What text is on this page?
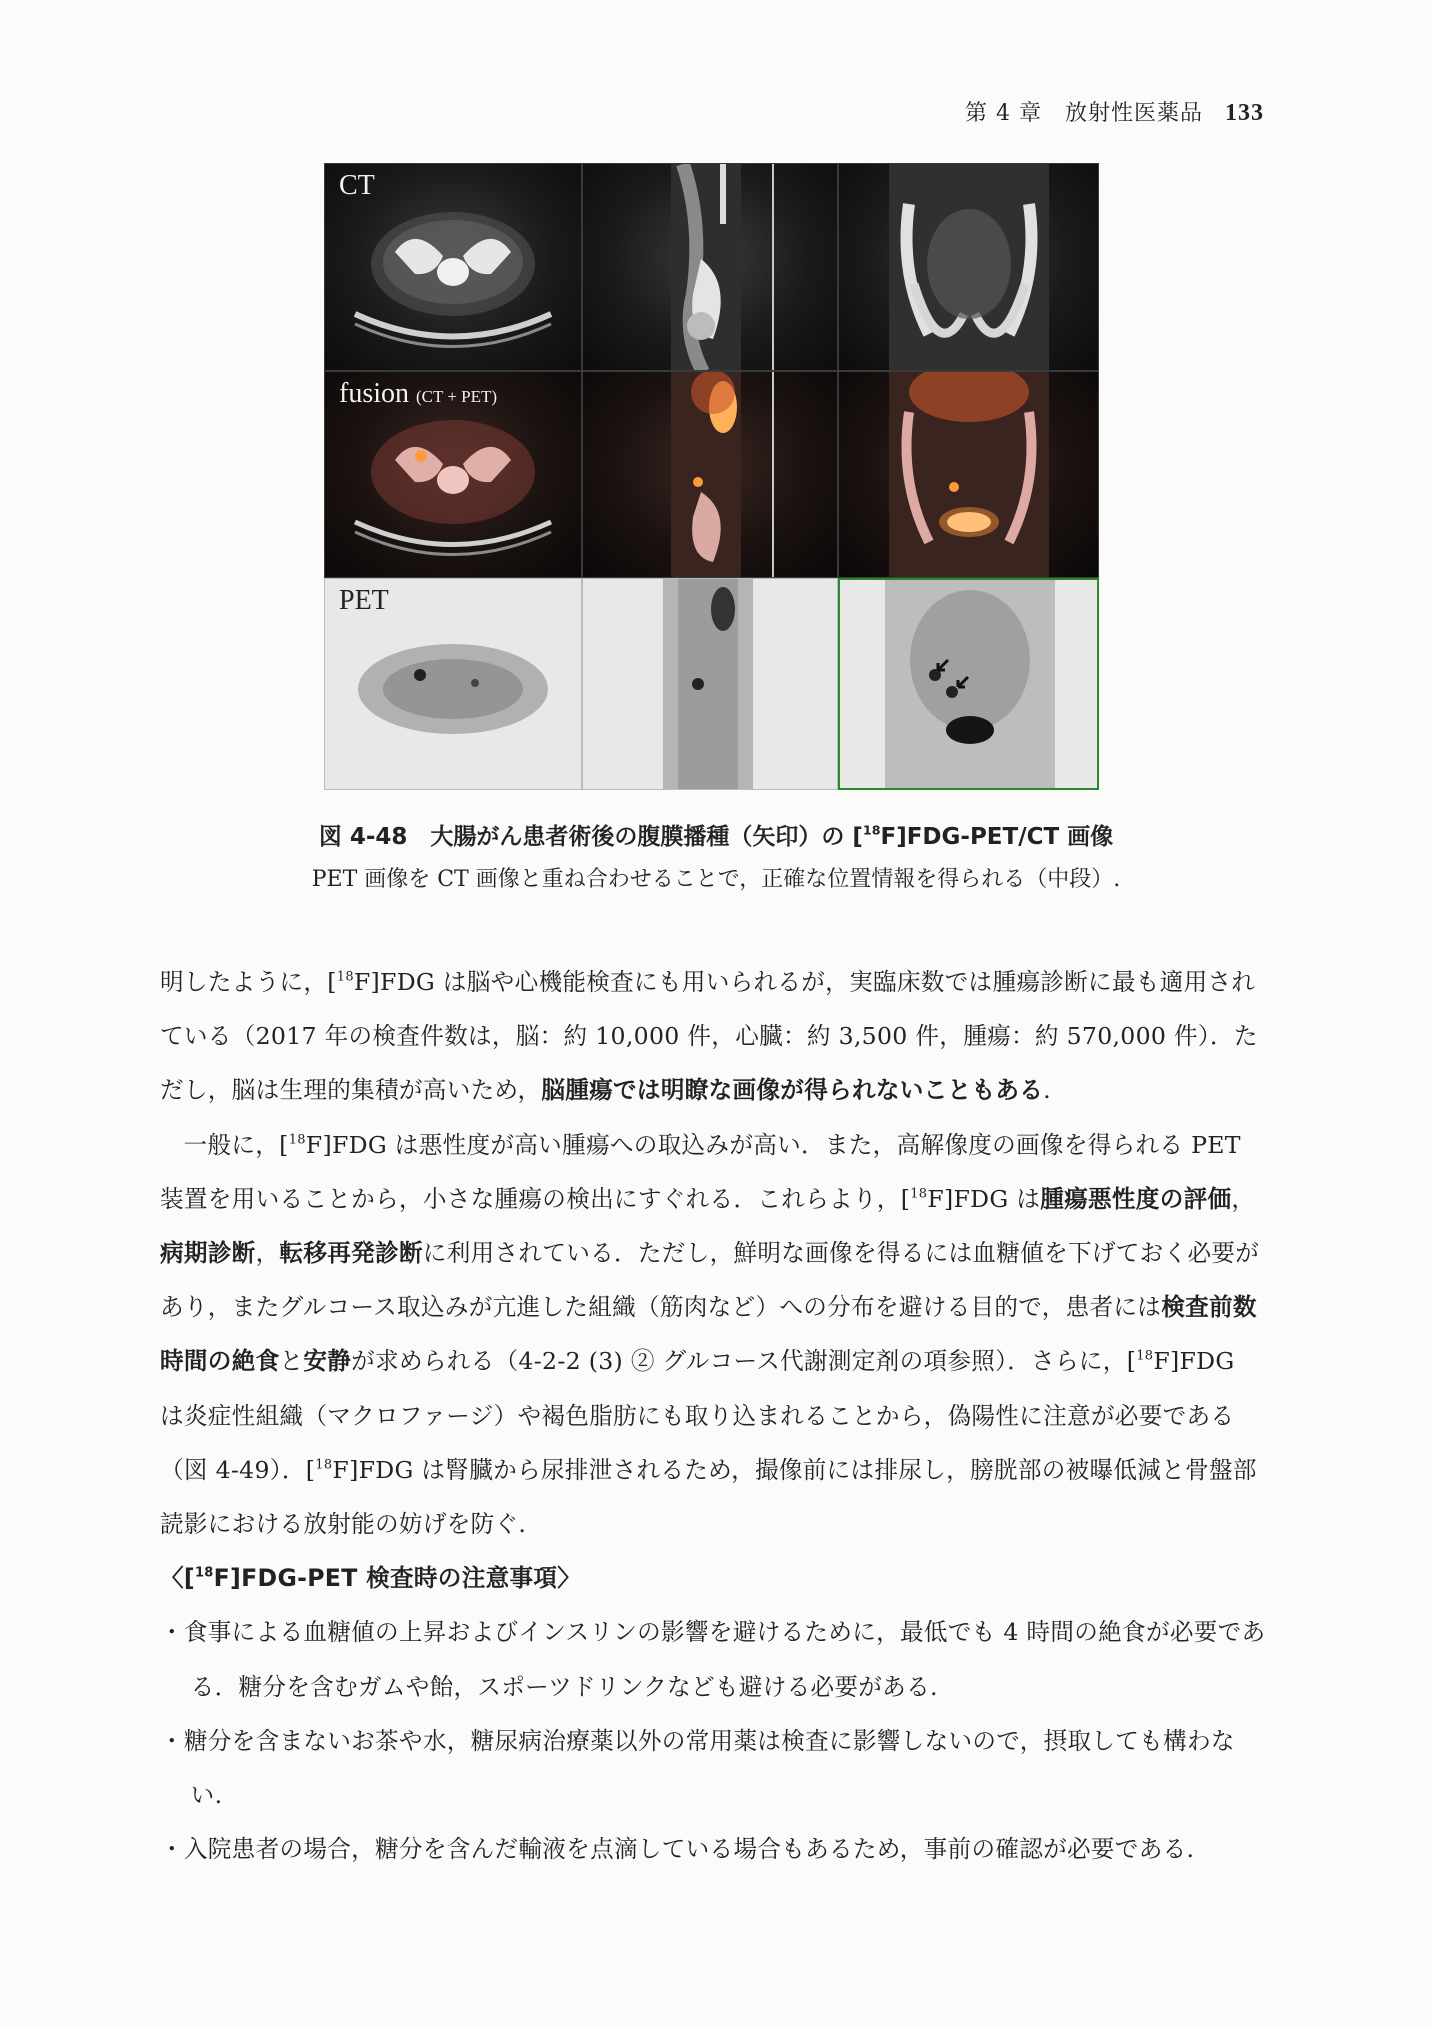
第 4 章　放射性医薬品 133
CT
fusion (CT + PET)
PET
図 4-48　大腸がん患者術後の腹膜播種（矢印）の [$^{18}$F]FDG-PET/CT 画像
PET 画像を CT 画像と重ね合わせることで，正確な位置情報を得られる（中段）.

明したように，[$^{18}$F]FDG は脳や心機能検査にも用いられるが，実臨床数では腫瘍診断に最も適用されている（2017 年の検査件数は，脳：約 10,000 件，心臓：約 3,500 件，腫瘍：約 570,000 件）．ただし，脳は生理的集積が高いため，脳腫瘍では明瞭な画像が得られないこともある.

一般に，[$^{18}$F]FDG は悪性度が高い腫瘍への取込みが高い．また，高解像度の画像を得られる PET 装置を用いることから，小さな腫瘍の検出にすぐれる．これらより，[$^{18}$F]FDG は腫瘍悪性度の評価，病期診断，転移再発診断に利用されている．ただし，鮮明な画像を得るには血糖値を下げておく必要があり，またグルコース取込みが亢進した組織（筋肉など）への分布を避ける目的で，患者には検査前数時間の絶食と安静が求められる（4-2-2 (3) ② グルコース代謝測定剤の項参照）．さらに，[$^{18}$F]FDG は炎症性組織（マクロファージ）や褐色脂肪にも取り込まれることから，偽陽性に注意が必要である（図 4-49）．[$^{18}$F]FDG は腎臓から尿排泄されるため，撮像前には排尿し，膀胱部の被曝低減と骨盤部読影における放射能の妨げを防ぐ.

〈[$^{18}$F]FDG-PET 検査時の注意事項〉
・食事による血糖値の上昇およびインスリンの影響を避けるために，最低でも 4 時間の絶食が必要である．糖分を含むガムや飴，スポーツドリンクなども避ける必要がある.
・糖分を含まないお茶や水，糖尿病治療薬以外の常用薬は検査に影響しないので，摂取しても構わない.
・入院患者の場合，糖分を含んだ輸液を点滴している場合もあるため，事前の確認が必要である.
